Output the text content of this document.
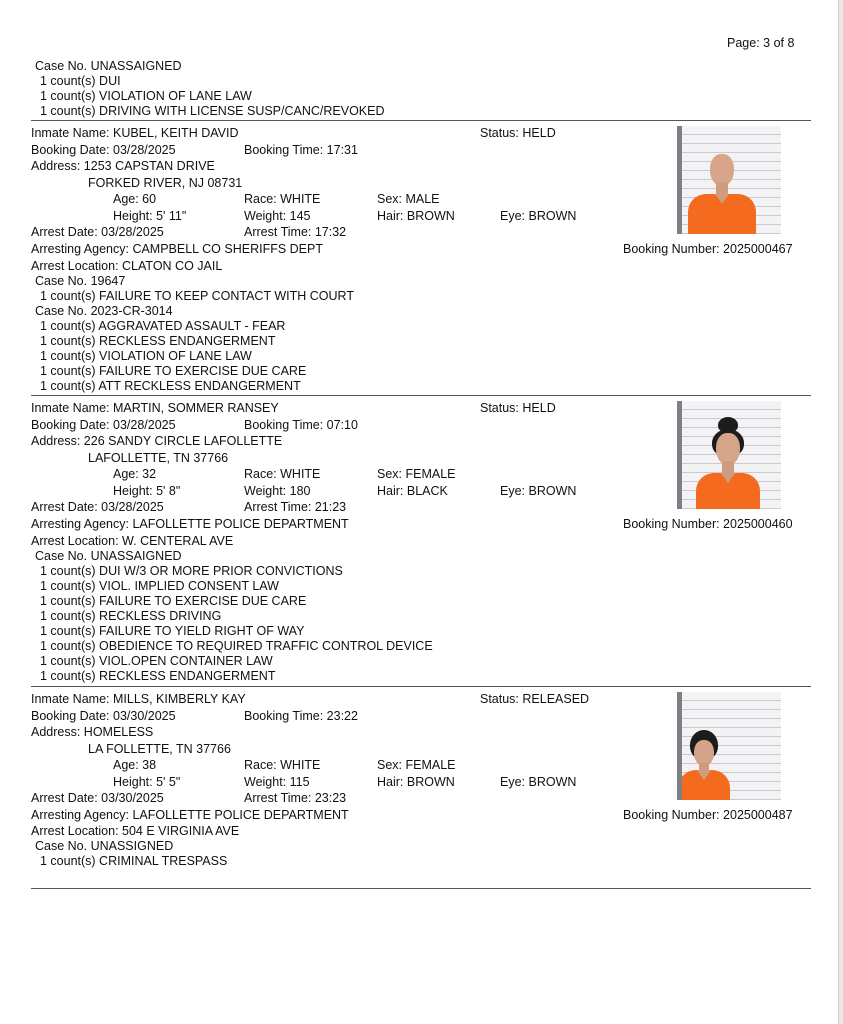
Page: 3 of 8
Case No. UNASSAIGNED
1 count(s) DUI
1 count(s) VIOLATION OF LANE LAW
1 count(s) DRIVING WITH LICENSE SUSP/CANC/REVOKED
Inmate Name: KUBEL, KEITH DAVID	Status: HELD
Booking Date: 03/28/2025	Booking Time: 17:31
Address: 1253 CAPSTAN DRIVE
FORKED RIVER, NJ 08731
Age: 60	Race: WHITE	Sex: MALE
Height: 5' 11"	Weight: 145	Hair: BROWN	Eye: BROWN
Arrest Date: 03/28/2025	Arrest Time: 17:32
Arresting Agency: CAMPBELL CO SHERIFFS DEPT	Booking Number: 2025000467
Arrest Location: CLATON CO JAIL
Case No. 19647
1 count(s) FAILURE TO KEEP CONTACT WITH COURT
Case No. 2023-CR-3014
1 count(s) AGGRAVATED ASSAULT - FEAR
1 count(s) RECKLESS ENDANGERMENT
1 count(s) VIOLATION OF LANE LAW
1 count(s) FAILURE TO EXERCISE DUE CARE
1 count(s) ATT RECKLESS ENDANGERMENT
Inmate Name: MARTIN, SOMMER RANSEY	Status: HELD
Booking Date: 03/28/2025	Booking Time: 07:10
Address: 226 SANDY CIRCLE LAFOLLETTE
LAFOLLETTE, TN 37766
Age: 32	Race: WHITE	Sex: FEMALE
Height: 5' 8"	Weight: 180	Hair: BLACK	Eye: BROWN
Arrest Date: 03/28/2025	Arrest Time: 21:23
Arresting Agency: LAFOLLETTE POLICE DEPARTMENT	Booking Number: 2025000460
Arrest Location: W. CENTERAL AVE
Case No. UNASSAIGNED
1 count(s) DUI W/3 OR MORE PRIOR CONVICTIONS
1 count(s) VIOL. IMPLIED CONSENT LAW
1 count(s) FAILURE TO EXERCISE DUE CARE
1 count(s) RECKLESS DRIVING
1 count(s) FAILURE TO YIELD RIGHT OF WAY
1 count(s) OBEDIENCE TO REQUIRED TRAFFIC CONTROL DEVICE
1 count(s) VIOL.OPEN CONTAINER LAW
1 count(s) RECKLESS ENDANGERMENT
Inmate Name: MILLS, KIMBERLY KAY	Status: RELEASED
Booking Date: 03/30/2025	Booking Time: 23:22
Address: HOMELESS
LA FOLLETTE, TN 37766
Age: 38	Race: WHITE	Sex: FEMALE
Height: 5' 5"	Weight: 115	Hair: BROWN	Eye: BROWN
Arrest Date: 03/30/2025	Arrest Time: 23:23
Arresting Agency: LAFOLLETTE POLICE DEPARTMENT	Booking Number: 2025000487
Arrest Location: 504 E VIRGINIA AVE
Case No. UNASSIGNED
1 count(s) CRIMINAL TRESPASS
